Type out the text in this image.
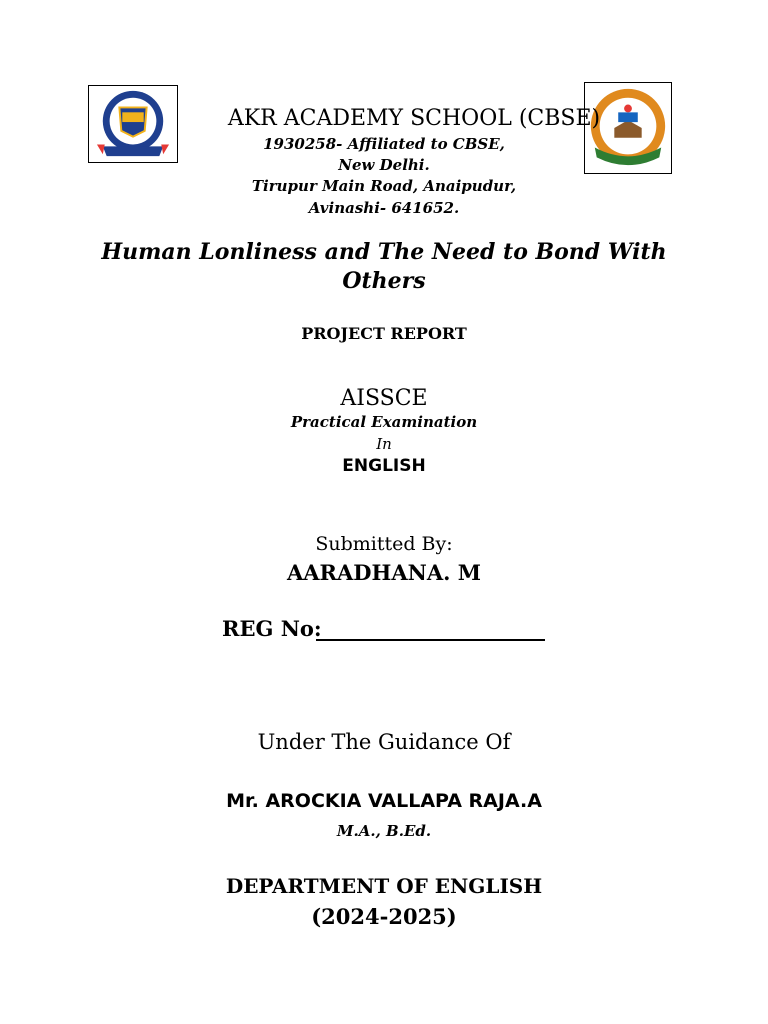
AKR ACADEMY SCHOOL (CBSE)
1930258- Affiliated to CBSE,
New Delhi.
Tirupur Main Road, Anaipudur,
Avinashi- 641652.
Human Lonliness and The Need to Bond With
Others
PROJECT REPORT
AISSCE
Practical Examination
In
ENGLISH
Submitted By:
AARADHANA. M
REG No:
Under The Guidance Of
Mr. AROCKIA VALLAPA RAJA.A
M.A., B.Ed.
DEPARTMENT OF ENGLISH
(2024-2025)
